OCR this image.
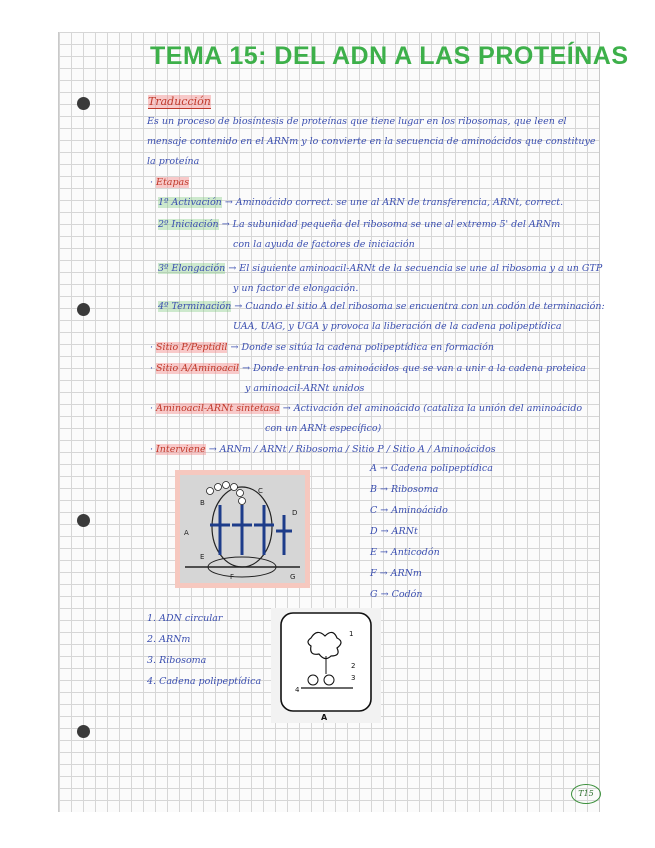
TEMA 15: DEL ADN A LAS PROTEÍNAS
Traducción
Es un proceso de biosíntesis de proteínas que tiene lugar en los ribosomas, que leen el
mensaje contenido en el ARNm y lo convierte en la secuencia de aminoácidos que constituye
la proteína
· Etapas
1º Activación → Aminoácido correct. se une al ARN de transferencia, ARNt, correct.
2º Iniciación → La subunidad pequeña del ribosoma se une al extremo 5' del ARNm
con la ayuda de factores de iniciación
3º Elongación → El siguiente aminoacil-ARNt de la secuencia se une al ribosoma y a un GTP
y un factor de elongación.
4º Terminación → Cuando el sitio A del ribosoma se encuentra con un codón de terminación:
UAA, UAG, y UGA y provoca la liberación de la cadena polipeptídica
· Sitio P/Peptidil → Donde se sitúa la cadena polipeptídica en formación
· Sitio A/Aminoacil → Donde entran los aminoácidos que se van a unir a la cadena proteica
y aminoacil-ARNt unidos
· Aminoacil-ARNt sintetasa → Activación del aminoácido (cataliza la unión del aminoácido
con un ARNt específico)
· Interviene → ARNm / ARNt / Ribosoma / Sitio P / Sitio A / Aminoácidos
A
B
C
D
E
F	G
A → Cadena polipeptídica
B → Ribosoma
C → Aminoácido
D → ARNt
E → Anticodón
F → ARNm
G → Codón
1. ADN circular
2. ARNm
3. Ribosoma
4. Cadena polipeptídica
1
2
3
4
A
T15
